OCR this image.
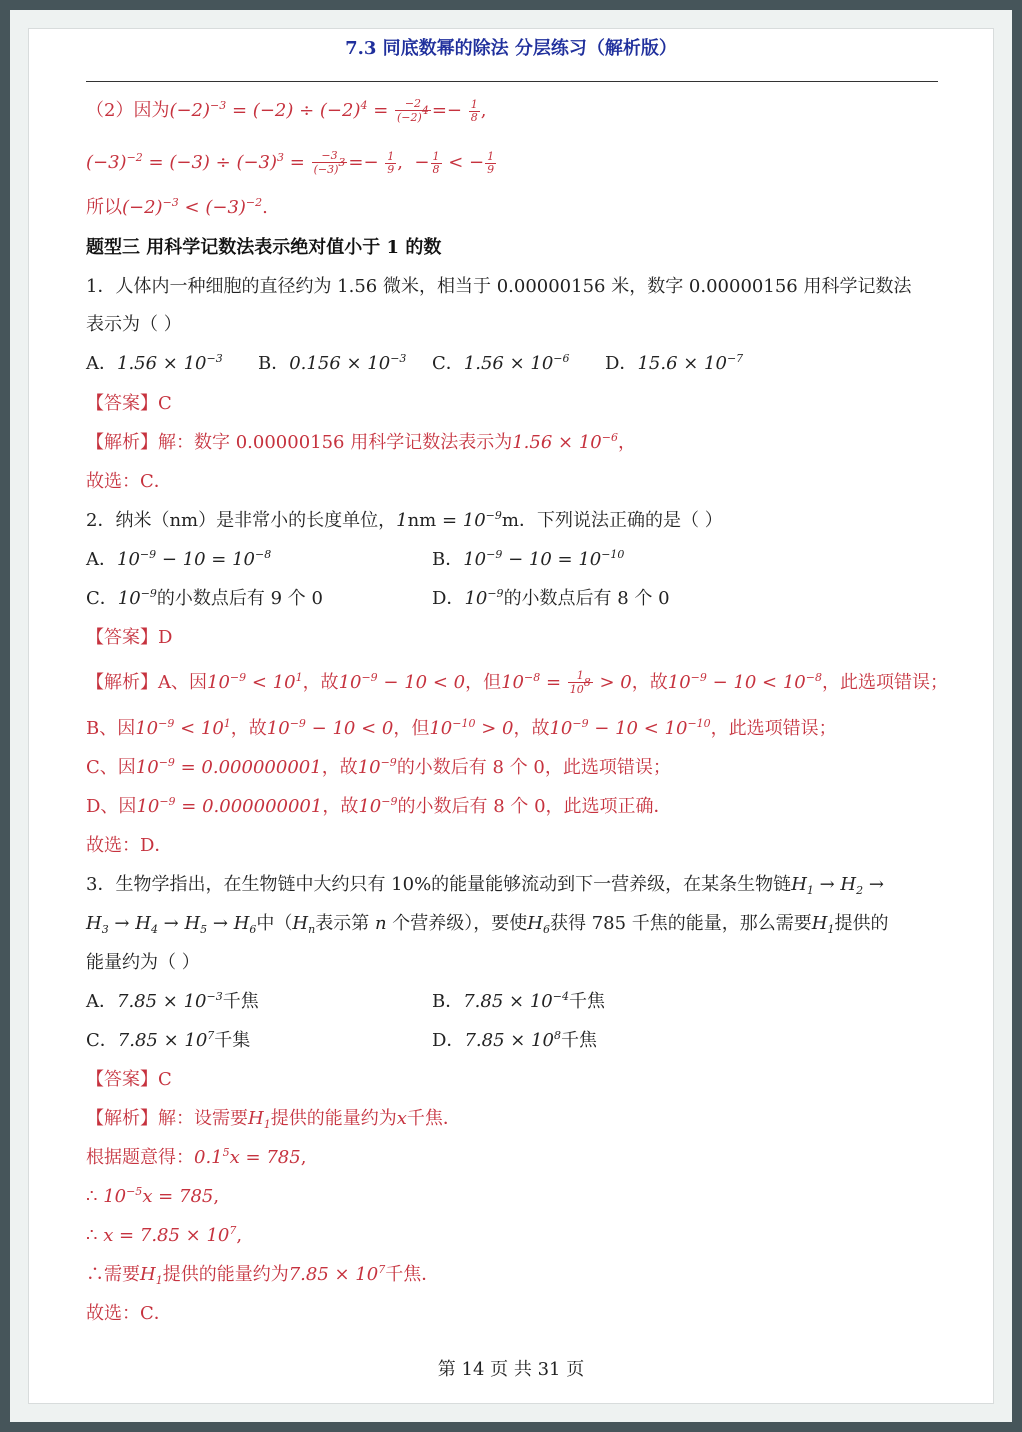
7.3 同底数幂的除法 分层练习（解析版）
（2）因为$(-2)^{-3} = (-2) \div (-2)^4 = \frac{-2}{(-2)^4} =- \frac{1}{8}$ ,
$(-3)^{-2} = (-3) \div (-3)^3 = \frac{-3}{(-3)^3} =- \frac{1}{9}$ ,  − $\frac{1}{8}$ < − $\frac{1}{9}$
所以$(-2)^{-3} < (-3)^{-2}$.
题型三 用科学记数法表示绝对值小于 1 的数
1．人体内一种细胞的直径约为 1.56 微米，相当于 0.00000156 米，数字 0.00000156 用科学记数法
表示为（ ）
A．$1.56 \times 10^{-3}$ B．$0.156 \times 10^{-3}$ C．$1.56 \times 10^{-6}$ D．$15.6 \times 10^{-7}$
【答案】C
【解析】解：数字 0.00000156 用科学记数法表示为$1.56 \times 10^{-6}$，
故选：C．
2．纳米（nm）是非常小的长度单位，$1nm = 10^{-9}m$．下列说法正确的是（ ）
A．$10^{-9} - 10 = 10^{-8}$	B．$10^{-9} - 10 = 10^{-10}$
C．$10^{-9}$的小数点后有 9 个 0	D．$10^{-9}$的小数点后有 8 个 0
【答案】D
【解析】A、因$10^{-9} < 10^1$，故$10^{-9} - 10 < 0$，但$10^{-8} = \frac{1}{10^8} > 0$，故$10^{-9} - 10 < 10^{-8}$，此选项错误；
B、因$10^{-9} < 10^1$，故$10^{-9} - 10 < 0$，但$10^{-10} > 0$，故$10^{-9} - 10 < 10^{-10}$，此选项错误；
C、因$10^{-9} = 0.000000001$，故$10^{-9}$的小数后有 8 个 0，此选项错误；
D、因$10^{-9} = 0.000000001$，故$10^{-9}$的小数后有 8 个 0，此选项正确．
故选：D．
3．生物学指出，在生物链中大约只有 10%的能量能够流动到下一营养级，在某条生物链$H_1 \to H_2$ →
$H_3 \to H_4 \to H_5 \to H_6$中（$H_n$表示第 n 个营养级），要使$H_6$获得 785 千焦的能量，那么需要$H_1$提供的
能量约为（ ）
A．$7.85 \times 10^{-3}$千焦	B．$7.85 \times 10^{-4}$千焦
C．$7.85 \times 10^7$千集	D．$7.85 \times 10^8$千焦
【答案】C
【解析】解：设需要$H_1$提供的能量约为x千焦．
根据题意得：$0.1^5x = 785$,
∴ $10^{-5}x = 785$,
∴ $x = 7.85 \times 10^7$,
∴需要$H_1$提供的能量约为$7.85 \times 10^7$千焦．
故选：C．
第 14 页 共 31 页
